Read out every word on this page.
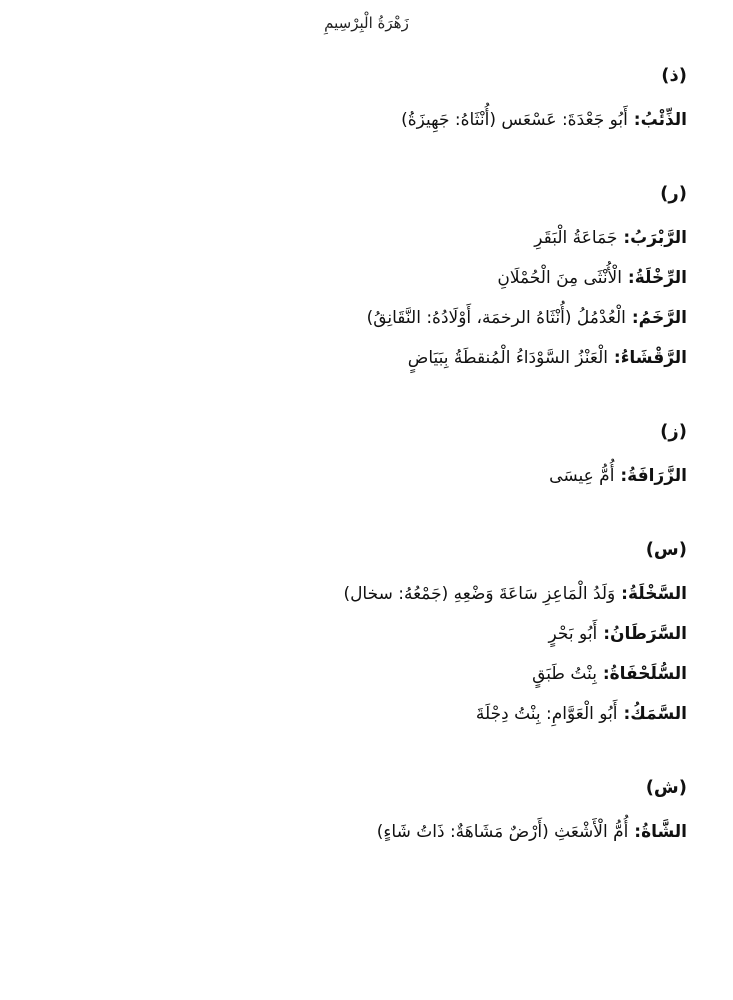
زَهْرَةُ الْبِرْسِيمِ
(ذ)
الذِّئْبُ: أَبُو جَعْدَةَ: عَسْعَس (أُنْثَاهُ: جَهِيزَةُ)
(ر)
الرَّبْرَبُ: جَمَاعَةُ الْبَقَرِ
الرِّخْلَةُ: الْأُنْثَى مِنَ الْحُمْلَانِ
الرَّخَمُ: الْعُدْمُلُ (أُنْثَاهُ الرخمَة، أَوْلَادُهُ: النَّقَانِقُ)
الرَّقْشَاءُ: الْعَنْزُ السَّوْدَاءُ الْمُنقطَةُ بِبَيَاضٍ
(ز)
الزَّرَافَةُ: أُمُّ عِيسَى
(س)
السَّخْلَةُ: وَلَدُ الْمَاعِزِ سَاعَةَ وَضْعِهِ (جَمْعُهُ: سخال)
السَّرَطَانُ: أَبُو بَحْرٍ
السُّلَحْفَاةُ: بِنْتُ طَبَقٍ
السَّمَكُ: أَبُو الْعَوَّامِ: بِنْتُ دِجْلَةَ
(ش)
الشَّاةُ: أُمُّ الْأَشْعَثِ (أَرْضٌ مَشَاهَةٌ: ذَاتُ شَاءٍ)
